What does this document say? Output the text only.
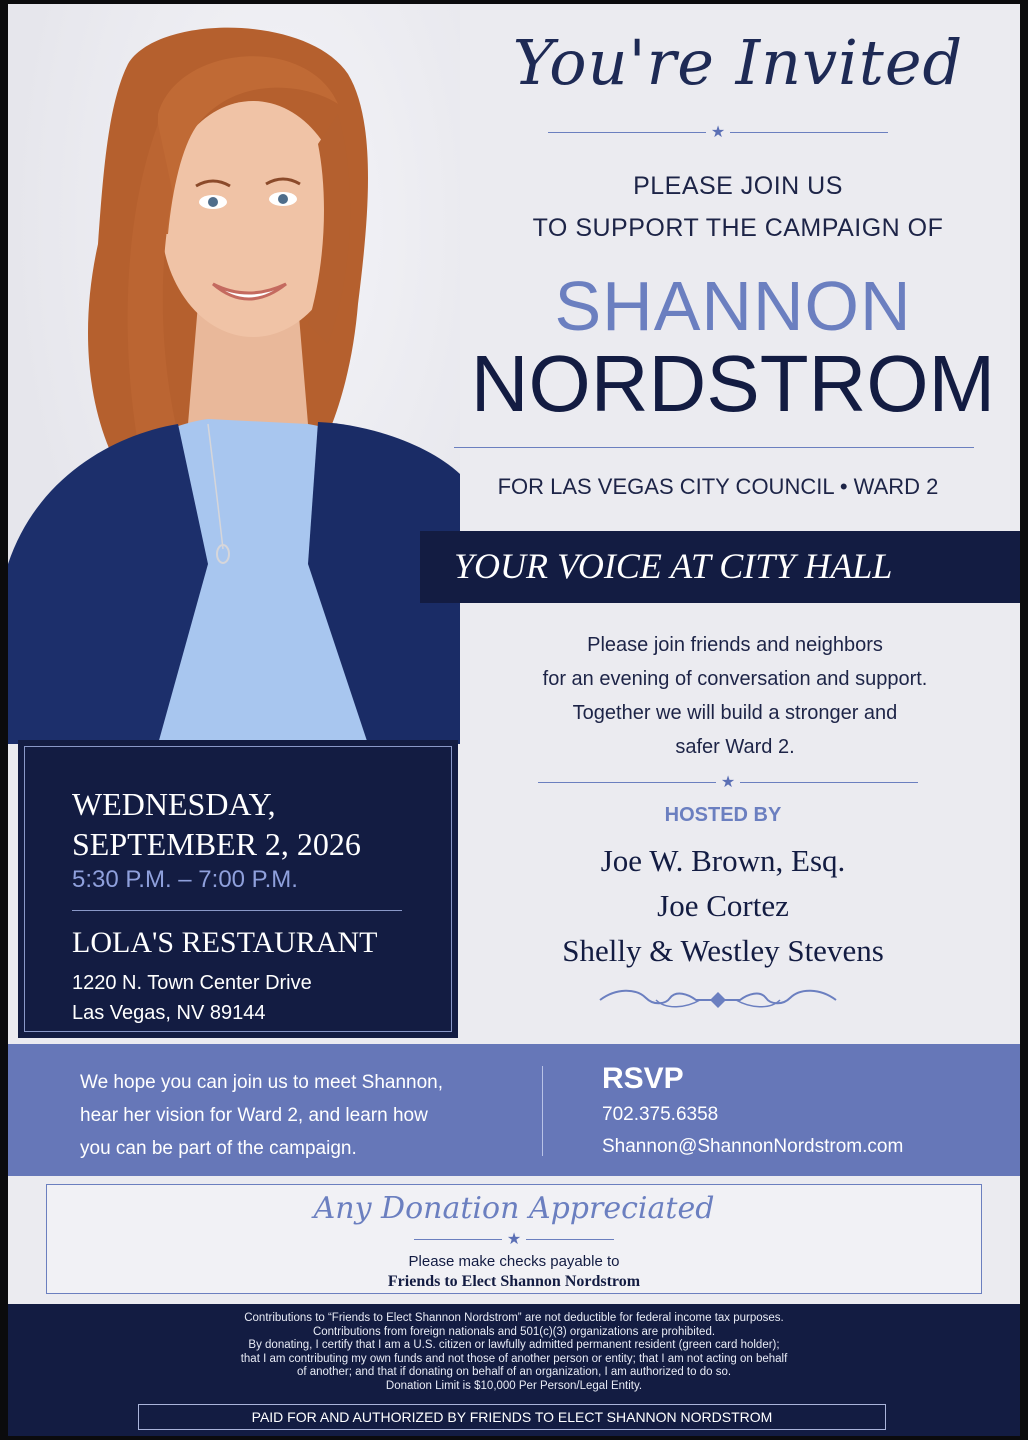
You're Invited
★
PLEASE JOIN US
TO SUPPORT THE CAMPAIGN OF
SHANNON
NORDSTROM
FOR LAS VEGAS CITY COUNCIL • WARD 2
YOUR VOICE AT CITY HALL
Please join friends and neighbors
for an evening of conversation and support.
Together we will build a stronger and
safer Ward 2.
★
HOSTED BY
Joe W. Brown, Esq.
Joe Cortez
Shelly & Westley Stevens
WEDNESDAY,
SEPTEMBER 2, 2026
5:30 P.M. – 7:00 P.M.
LOLA'S RESTAURANT
1220 N. Town Center Drive
Las Vegas, NV 89144
We hope you can join us to meet Shannon,
hear her vision for Ward 2, and learn how
you can be part of the campaign.
RSVP
702.375.6358
Shannon@ShannonNordstrom.com
Any Donation Appreciated
★
Please make checks payable to
Friends to Elect Shannon Nordstrom
Contributions to “Friends to Elect Shannon Nordstrom” are not deductible for federal income tax purposes.
Contributions from foreign nationals and 501(c)(3) organizations are prohibited.
By donating, I certify that I am a U.S. citizen or lawfully admitted permanent resident (green card holder);
that I am contributing my own funds and not those of another person or entity; that I am not acting on behalf
of another; and that if donating on behalf of an organization, I am authorized to do so.
Donation Limit is $10,000 Per Person/Legal Entity.
PAID FOR AND AUTHORIZED BY FRIENDS TO ELECT SHANNON NORDSTROM
